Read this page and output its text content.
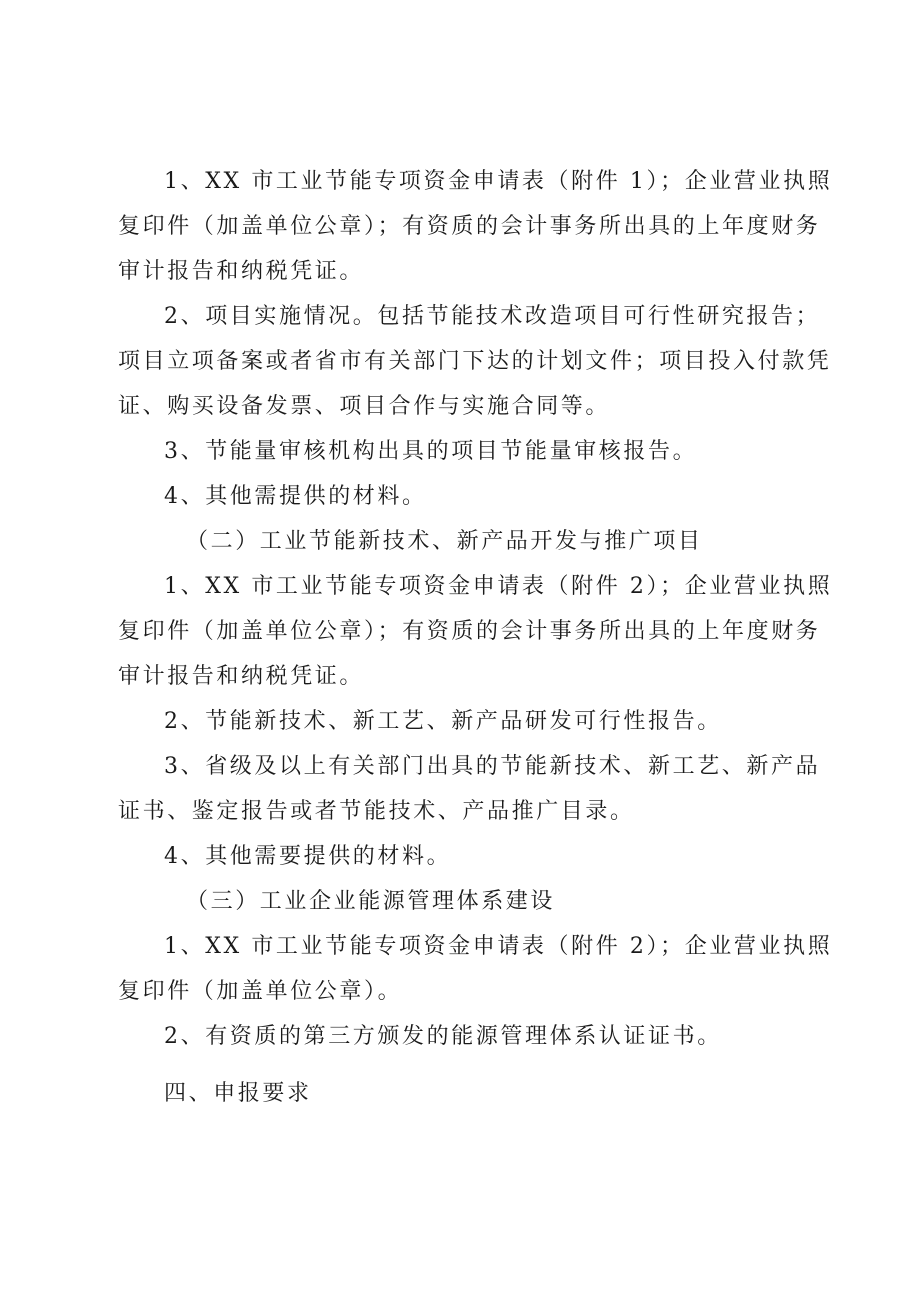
1、XX 市工业节能专项资金申请表（附件 1）；企业营业执照复印件（加盖单位公章）；有资质的会计事务所出具的上年度财务审计报告和纳税凭证。

2、项目实施情况。包括节能技术改造项目可行性研究报告；项目立项备案或者省市有关部门下达的计划文件；项目投入付款凭证、购买设备发票、项目合作与实施合同等。

3、节能量审核机构出具的项目节能量审核报告。

4、其他需提供的材料。

（二）工业节能新技术、新产品开发与推广项目

1、XX 市工业节能专项资金申请表（附件 2）；企业营业执照复印件（加盖单位公章）；有资质的会计事务所出具的上年度财务审计报告和纳税凭证。

2、节能新技术、新工艺、新产品研发可行性报告。

3、省级及以上有关部门出具的节能新技术、新工艺、新产品证书、鉴定报告或者节能技术、产品推广目录。

4、其他需要提供的材料。

（三）工业企业能源管理体系建设

1、XX 市工业节能专项资金申请表（附件 2）；企业营业执照复印件（加盖单位公章）。

2、有资质的第三方颁发的能源管理体系认证证书。

四、申报要求
